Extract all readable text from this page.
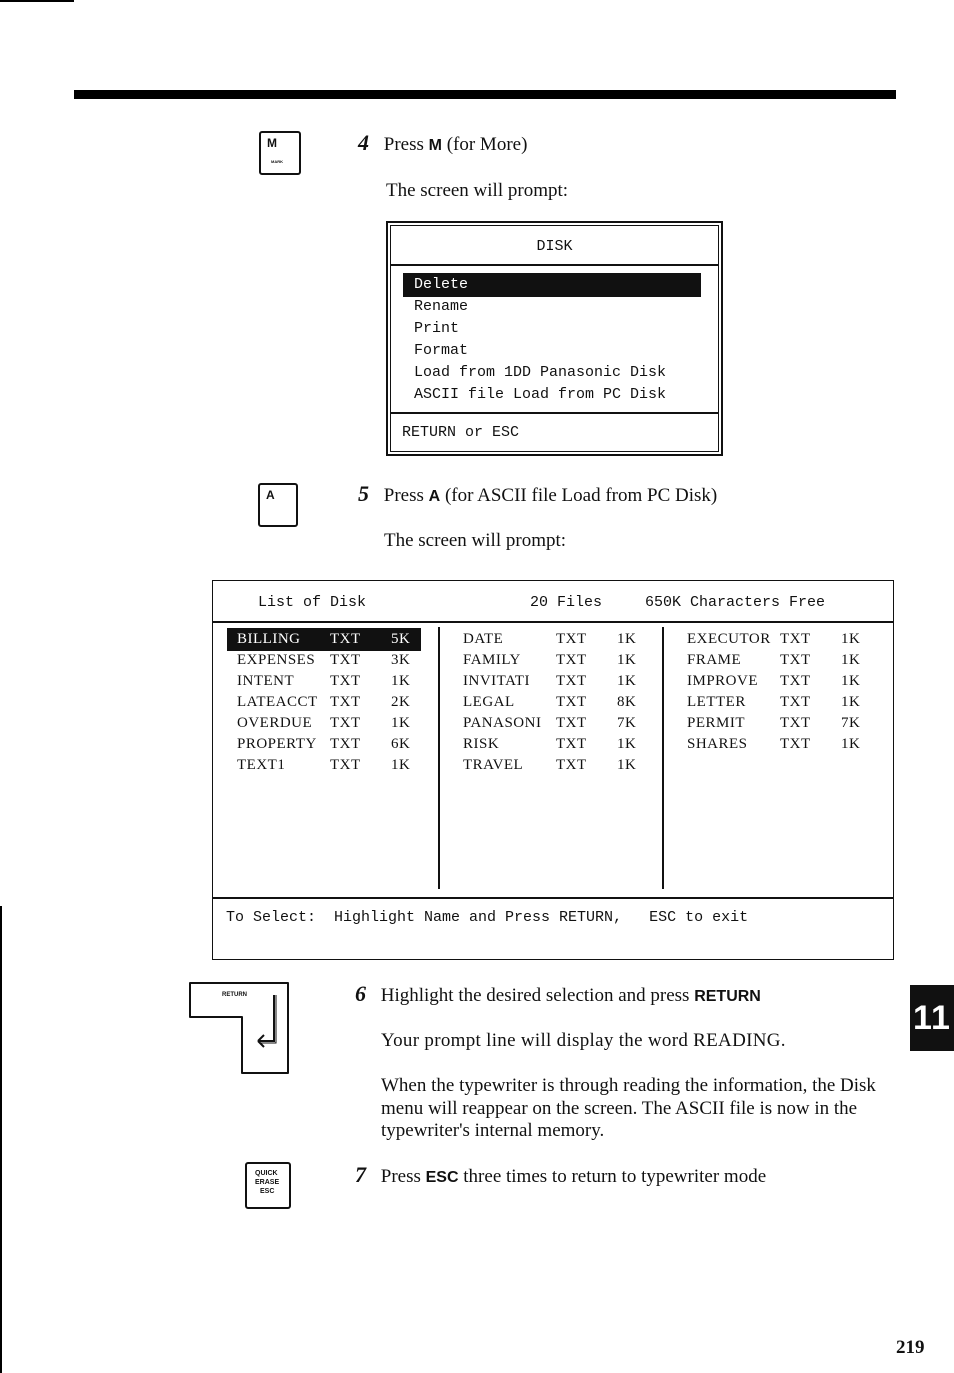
M
MARK
4 Press M (for More)
The screen will prompt:
DISK
Delete
Rename
Print
Format
Load from 1DD Panasonic Disk
ASCII file Load from PC Disk
RETURN or ESC
A	5 Press A (for ASCII file Load from PC Disk)
The screen will prompt:
List of Disk	20 Files	650K Characters Free
BILLING TXT 5K
EXPENSES TXT 3K
INTENT TXT 1K
LATEACCT TXT 2K
OVERDUE TXT 1K
PROPERTY TXT 6K
TEXT1	TXT 1K
DATE	TXT 1K
FAMILY TXT 1K
INVITATI TXT 1K
LEGAL	TXT 8K
PANASONI TXT 7K
RISK	TXT 1K
TRAVEL TXT 1K
EXECUTOR TXT 1K
FRAME	TXT 1K
IMPROVE TXT 1K
LETTER TXT 1K
PERMIT TXT 7K
SHARES TXT 1K
To Select:  Highlight Name and Press RETURN,   ESC to exit
RETURN	6 Highlight the desired selection and press RETURN
Your prompt line will display the word READING.
When the typewriter is through reading the information, the Disk menu will reappear on the screen. The ASCII file is now in the typewriter's internal memory.
QUICK
ERASE
ESC
7 Press ESC three times to return to typewriter mode
11
219
